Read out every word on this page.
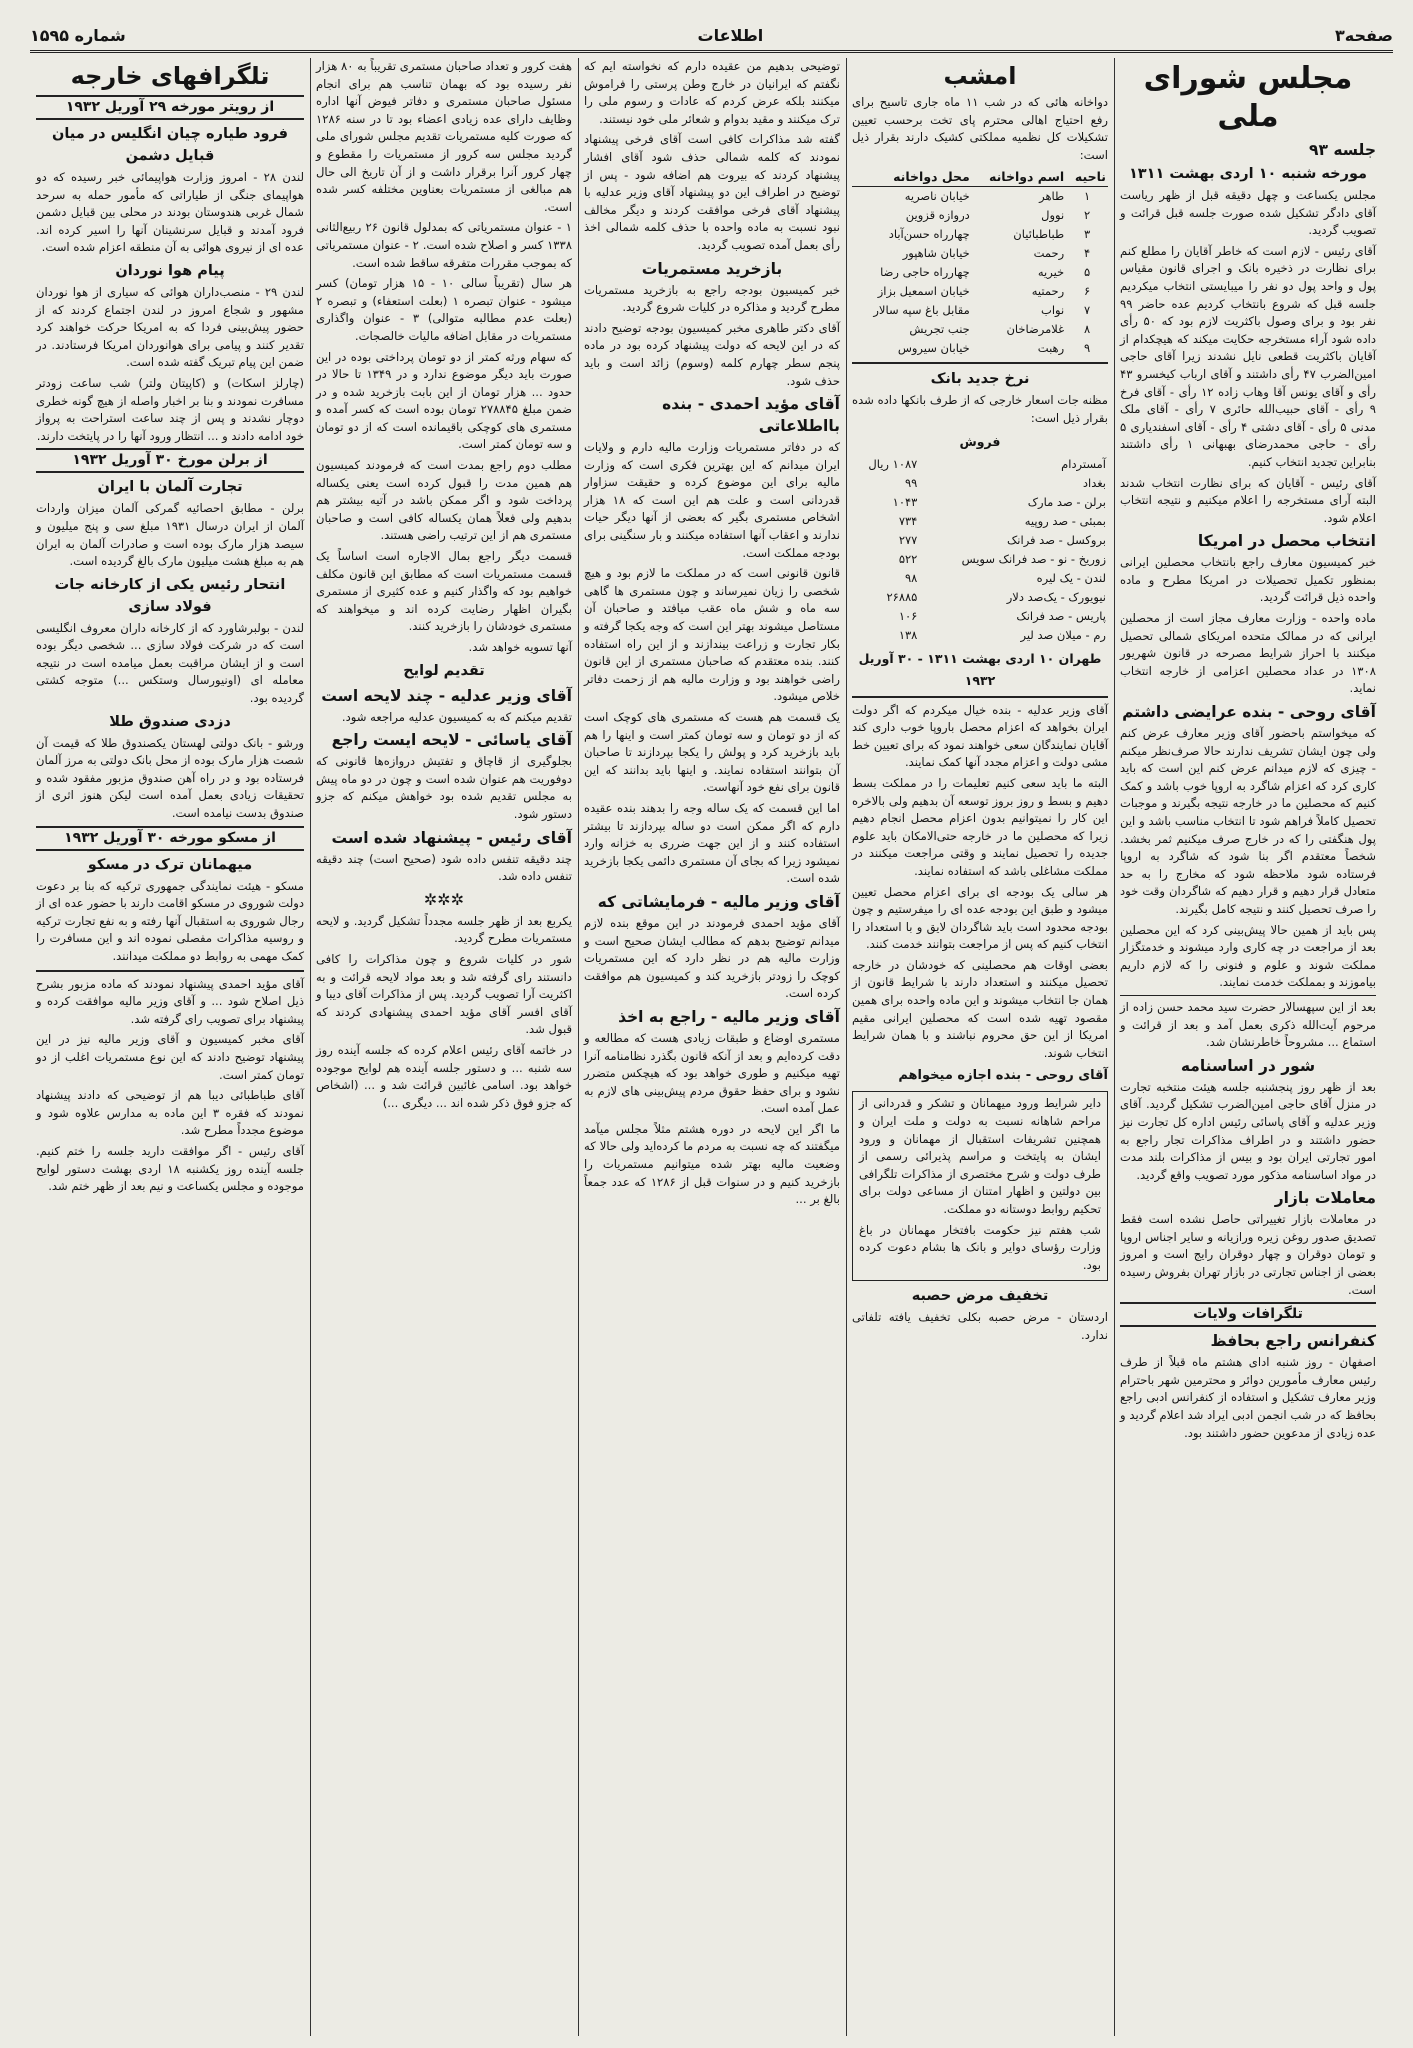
صفحه۳
اطلاعات
شماره ۱۵۹۵
مجلس شورای ملی
جلسه ۹۳
مورخه شنبه ۱۰ اردی بهشت ۱۳۱۱

مجلس یکساعت و چهل دقیقه قبل از ظهر ریاست آقای دادگر تشکیل شده صورت جلسه قبل قرائت و تصویب گردید.

آقای رئیس - لازم است که خاطر آقایان را مطلع کنم برای نظارت در ذخیره بانک و اجرای قانون مقیاس پول و واحد پول دو نفر را میبایستی انتخاب میکردیم جلسه قبل که شروع بانتخاب کردیم عده حاضر ۹۹ نفر بود و برای وصول باکثریت لازم بود که ۵۰ رأی داده شود آراء مستخرجه حکایت میکند که هیچکدام از آقایان باکثریت قطعی نایل نشدند زیرا آقای حاجی امین‌الضرب ۴۷ رأی داشتند و آقای ارباب کیخسرو ۴۳ رأی و آقای یونس آقا وهاب زاده ۱۲ رأی - آقای فرخ ۹ رأی - آقای حبیب‌الله حائری ۷ رأی - آقای ملک مدنی ۵ رأی - آقای دشتی ۴ رأی - آقای اسفندیاری ۵ رأی - حاجی محمدرضای بهبهانی ۱ رأی داشتند بنابراین تجدید انتخاب کنیم.

آقای رئیس - آقایان که برای نظارت انتخاب شدند البته آرای مستخرجه را اعلام میکنیم و نتیجه انتخاب اعلام شود.

انتخاب محصل در امریکا

خبر کمیسیون معارف راجع بانتخاب محصلین ایرانی بمنظور تکمیل تحصیلات در امریکا مطرح و ماده واحده ذیل قرائت گردید.

ماده واحده - وزارت معارف مجاز است از محصلین ایرانی که در ممالک متحده امریکای شمالی تحصیل میکنند با احراز شرایط مصرحه در قانون شهریور ۱۳۰۸ در عداد محصلین اعزامی از خارجه انتخاب نماید.

آقای روحی - بنده عرایضی داشتم

که میخواستم باحضور آقای وزیر معارف عرض کنم ولی چون ایشان تشریف ندارند حالا صرف‌نظر میکنم - چیزی که لازم میدانم عرض کنم این است که باید کاری کرد که اعزام شاگرد به اروپا خوب باشد و کمک کنیم که محصلین ما در خارجه نتیجه بگیرند و موجبات تحصیل کاملاً فراهم شود تا انتخاب مناسب باشد و این پول هنگفتی را که در خارج صرف میکنیم ثمر بخشد. شخصاً معتقدم اگر بنا شود که شاگرد به اروپا فرستاده شود ملاحظه شود که مخارج را به حد متعادل قرار دهیم و قرار دهیم که شاگردان وقت خود را صرف تحصیل کنند و نتیجه کامل بگیرند.

پس باید از همین حالا پیش‌بینی کرد که این محصلین بعد از مراجعت در چه کاری وارد میشوند و خدمتگزار مملکت شوند و علوم و فنونی را که لازم داریم بیاموزند و بمملکت خدمت نمایند.

بعد از این سپهسالار حضرت سید محمد حسن زاده از مرحوم آیت‌الله ذکری بعمل آمد و بعد از قرائت و استماع ... مشروحاً خاطرنشان شد.

شور در اساسنامه

بعد از ظهر روز پنجشنبه جلسه هیئت منتخبه تجارت در منزل آقای حاجی امین‌الضرب تشکیل گردید. آقای وزیر عدلیه و آقای پاسائی رئیس اداره کل تجارت نیز حضور داشتند و در اطراف مذاکرات تجار راجع به امور تجارتی ایران بود و بیس از مذاکرات بلند مدت در مواد اساسنامه مذکور مورد تصویب واقع گردید.

معاملات بازار

در معاملات بازار تغییراتی حاصل نشده است فقط تصدیق صدور روغن زیره ورازیانه و سایر اجناس اروپا و تومان دوقران و چهار دوقران رایج است و امروز بعضی از اجناس تجارتی در بازار تهران بفروش رسیده است.

تلگرافات ولایات
کنفرانس راجع بحافظ

اصفهان - روز شنبه ادای هشتم ماه قبلاً از طرف رئیس معارف مأمورین دوائر و محترمین شهر باحترام وزیر معارف تشکیل و استفاده از کنفرانس ادبی راجع بحافظ که در شب انجمن ادبی ایراد شد اعلام گردید و عده زیادی از مدعوین حضور داشتند بود.

امشب

دواخانه هائی که در شب ۱۱ ماه جاری تاسیح برای رفع احتیاج اهالی محترم پای تخت برحسب تعیین تشکیلات کل نظمیه مملکتی کشیک دارند بقرار ذیل است:

ناحیه	اسم دواخانه	محل دواخانه
۱	طاهر	خیابان ناصریه
۲	نوول	دروازه قزوین
۳	طباطبائیان	چهارراه حسن‌آباد
۴	رحمت	خیابان شاهپور
۵	خیریه	چهارراه حاجی رضا
۶	رحمتیه	خیابان اسمعیل بزاز
۷	نواب	مقابل باغ سپه سالار
۸	غلامرضاخان	جنب تجریش
۹	رهبت	خیابان سیروس
نرخ جدید بانک

مظنه جات اسعار خارجی که از طرف بانکها داده شده بقرار ذیل است:

فروش
آمستردام	۱۰۸۷ ریال
بغداد	۹۹
برلن - صد مارک	۱۰۴۳
بمبئی - صد روپیه	۷۳۴
بروکسل - صد فرانک	۲۷۷
زوریخ - نو - صد فرانک سویس	۵۲۲
لندن - یک لیره	۹۸
نیویورک - یک‌صد دلار	۲۶۸۸۵
پاریس - صد فرانک	۱۰۶
رم - میلان صد لیر	۱۳۸
طهران ۱۰ اردی بهشت ۱۳۱۱ - ۳۰ آوریل ۱۹۳۲

آقای وزیر عدلیه - بنده خیال میکردم که اگر دولت ایران بخواهد که اعزام محصل باروپا خوب داری کند آقایان نمایندگان سعی خواهند نمود که برای تعیین خط مشی دولت و اعزام مجدد آنها کمک نمایند.

البته ما باید سعی کنیم تعلیمات را در مملکت بسط دهیم و بسط و روز بروز توسعه آن بدهیم ولی بالاخره این کار را نمیتوانیم بدون اعزام محصل انجام دهیم زیرا که محصلین ما در خارجه حتی‌الامکان باید علوم جدیده را تحصیل نمایند و وقتی مراجعت میکنند در مملکت مشاغلی باشد که استفاده نمایند.

هر سالی یک بودجه ای برای اعزام محصل تعیین میشود و طبق این بودجه عده ای را میفرستیم و چون بودجه محدود است باید شاگردان لایق و با استعداد را انتخاب کنیم که پس از مراجعت بتوانند خدمت کنند.

بعضی اوقات هم محصلینی که خودشان در خارجه تحصیل میکنند و استعداد دارند با شرایط قانون از همان جا انتخاب میشوند و این ماده واحده برای همین مقصود تهیه شده است که محصلین ایرانی مقیم امریکا از این حق محروم نباشند و با همان شرایط انتخاب شوند.

آقای روحی - بنده اجازه میخواهم

دایر شرایط ورود میهمانان و تشکر و قدردانی از مراحم شاهانه نسبت به دولت و ملت ایران و همچنین تشریفات استقبال از مهمانان و ورود ایشان به پایتخت و مراسم پذیرائی رسمی از طرف دولت و شرح مختصری از مذاکرات تلگرافی بین دولتین و اظهار امتنان از مساعی دولت برای تحکیم روابط دوستانه دو مملکت.

شب هفتم نیز حکومت بافتخار مهمانان در باغ وزارت رؤسای دوایر و بانک ها بشام دعوت کرده بود.

تخفیف مرض حصبه

اردستان - مرض حصبه بکلی تخفیف یافته تلفاتی ندارد.

توضیحی بدهیم من عقیده دارم که نخواسته ایم که نگفتم که ایرانیان در خارج وطن پرستی را فراموش میکنند بلکه عرض کردم که عادات و رسوم ملی را ترک میکنند و مقید بدوام و شعائر ملی خود نیستند.

گفته شد مذاکرات کافی است آقای فرخی پیشنهاد نمودند که کلمه شمالی حذف شود آقای افشار پیشنهاد کردند که بیروت هم اضافه شود - پس از توضیح در اطراف این دو پیشنهاد آقای وزیر عدلیه با پیشنهاد آقای فرخی موافقت کردند و دیگر مخالف نبود نسبت به ماده واحده با حذف کلمه شمالی اخذ رأی بعمل آمده تصویب گردید.

بازخرید مستمریات

خبر کمیسیون بودجه راجع به بازخرید مستمریات مطرح گردید و مذاکره در کلیات شروع گردید.

آقای دکتر طاهری مخبر کمیسیون بودجه توضیح دادند که در این لایحه که دولت پیشنهاد کرده بود در ماده پنجم سطر چهارم کلمه (وسوم) زائد است و باید حذف شود.

آقای مؤید احمدی - بنده بااطلاعاتی

که در دفاتر مستمریات وزارت مالیه دارم و ولایات ایران میدانم که این بهترین فکری است که وزارت مالیه برای این موضوع کرده و حقیقت سزاوار قدردانی است و علت هم این است که ۱۸ هزار اشخاص مستمری بگیر که بعضی از آنها دیگر حیات ندارند و اعقاب آنها استفاده میکنند و بار سنگینی برای بودجه مملکت است.

قانون قانونی است که در مملکت ما لازم بود و هیچ شخصی را زیان نمیرساند و چون مستمری ها گاهی سه ماه و شش ماه عقب میافتد و صاحبان آن مستاصل میشوند بهتر این است که وجه یکجا گرفته و بکار تجارت و زراعت بیندازند و از این راه استفاده کنند. بنده معتقدم که صاحبان مستمری از این قانون راضی خواهند بود و وزارت مالیه هم از زحمت دفاتر خلاص میشود.

یک قسمت هم هست که مستمری های کوچک است که از دو تومان و سه تومان کمتر است و اینها را هم باید بازخرید کرد و پولش را یکجا بپردازند تا صاحبان آن بتوانند استفاده نمایند. و اینها باید بدانند که این قانون برای نفع خود آنهاست.

اما این قسمت که یک ساله وجه را بدهند بنده عقیده دارم که اگر ممکن است دو ساله بپردازند تا بیشتر استفاده کنند و از این جهت ضرری به خزانه وارد نمیشود زیرا که بجای آن مستمری دائمی یکجا بازخرید شده است.

آقای وزیر مالیه - فرمایشاتی که

آقای مؤید احمدی فرمودند در این موقع بنده لازم میدانم توضیح بدهم که مطالب ایشان صحیح است و وزارت مالیه هم در نظر دارد که این مستمریات کوچک را زودتر بازخرید کند و کمیسیون هم موافقت کرده است.

آقای وزیر مالیه - راجع به اخذ

مستمری اوضاع و طبقات زیادی هست که مطالعه و دقت کرده‌ایم و بعد از آنکه قانون بگذرد نظامنامه آنرا تهیه میکنیم و طوری خواهد بود که هیچکس متضرر نشود و برای حفظ حقوق مردم پیش‌بینی های لازم به عمل آمده است.

ما اگر این لایحه در دوره هشتم مثلاً مجلس میآمد میگفتند که چه نسبت به مردم ما کرده‌اید ولی حالا که وضعیت مالیه بهتر شده میتوانیم مستمریات را بازخرید کنیم و در سنوات قبل از ۱۲۸۶ که عدد جمعاً بالغ بر ...

هفت کرور و تعداد صاحبان مستمری تقریباً به ۸۰ هزار نفر رسیده بود که بهمان تناسب هم برای انجام مسئول صاحبان مستمری و دفاتر فیوض آنها اداره وظایف دارای عده زیادی اعضاء بود تا در سنه ۱۲۸۶ که صورت کلیه مستمریات تقدیم مجلس شورای ملی گردید مجلس سه کرور از مستمریات را مقطوع و چهار کرور آنرا برقرار داشت و از آن تاریخ الی حال هم مبالغی از مستمریات بعناوین مختلفه کسر شده است.

۱ - عنوان مستمریاتی که بمدلول قانون ۲۶ ربیع‌الثانی ۱۳۳۸ کسر و اصلاح شده است. ۲ - عنوان مستمریاتی که بموجب مقررات متفرقه ساقط شده است.

هر سال (تقریباً سالی ۱۰ - ۱۵ هزار تومان) کسر میشود - عنوان تبصره ۱ (بعلت استعفاء) و تبصره ۲ (بعلت عدم مطالبه متوالی) ۳ - عنوان واگذاری مستمریات در مقابل اضافه مالیات خالصجات.

که سهام ورثه کمتر از دو تومان پرداختی بوده در این صورت باید دیگر موضوع ندارد و در ۱۳۴۹ تا حالا در حدود ... هزار تومان از این بابت بازخرید شده و در ضمن مبلغ ۲۷۸۸۴۵ تومان بوده است که کسر آمده و مستمری های کوچکی باقیمانده است که از دو تومان و سه تومان کمتر است.

مطلب دوم راجع بمدت است که فرمودند کمیسیون هم همین مدت را قبول کرده است یعنی یکساله پرداخت شود و اگر ممکن باشد در آتیه بیشتر هم بدهیم ولی فعلاً همان یکساله کافی است و صاحبان مستمری هم از این ترتیب راضی هستند.

قسمت دیگر راجع بمال الاجاره است اساساً یک قسمت مستمریات است که مطابق این قانون مکلف خواهیم بود که واگذار کنیم و عده کثیری از مستمری بگیران اظهار رضایت کرده اند و میخواهند که مستمری خودشان را بازخرید کنند.

آنها تسویه خواهد شد.

تقدیم لوایح
آقای وزیر عدلیه - چند لایحه است

تقدیم میکنم که به کمیسیون عدلیه مراجعه شود.

آقای یاسائی - لایحه ایست راجع

بجلوگیری از قاچاق و تفتیش دروازه‌ها قانونی که دوفوریت هم عنوان شده است و چون در دو ماه پیش به مجلس تقدیم شده بود خواهش میکنم که جزو دستور شود.

آقای رئیس - پیشنهاد شده است

چند دقیقه تنفس داده شود (صحیح است) چند دقیقه تنفس داده شد.

✲✲✲

یکربع بعد از ظهر جلسه مجدداً تشکیل گردید. و لایحه مستمریات مطرح گردید.

شور در کلیات شروع و چون مذاکرات را کافی دانستند رای گرفته شد و بعد مواد لایحه قرائت و به اکثریت آرا تصویب گردید. پس از مذاکرات آقای دیبا و آقای افسر آقای مؤید احمدی پیشنهادی کردند که قبول شد.

در خاتمه آقای رئیس اعلام کرده که جلسه آینده روز سه شنبه ... و دستور جلسه آینده هم لوایح موجوده خواهد بود. اسامی غائبین قرائت شد و ... (اشخاص که جزو فوق ذکر شده اند ... دیگری ...)

تلگرافهای خارجه
از رویتر مورخه ۲۹ آوریل ۱۹۳۲
فرود طیاره چیان انگلیس در میان قبایل دشمن

لندن ۲۸ - امروز وزارت هواپیمائی خبر رسیده که دو هواپیمای جنگی از طیاراتی که مأمور حمله به سرحد شمال غربی هندوستان بودند در محلی بین قبایل دشمن فرود آمدند و قبایل سرنشینان آنها را اسیر کرده اند. عده ای از نیروی هوائی به آن منطقه اعزام شده است.

پیام هوا نوردان

لندن ۲۹ - منصب‌داران هوائی که سیاری از هوا نوردان مشهور و شجاع امروز در لندن اجتماع کردند که از حضور پیش‌بینی فردا که به امریکا حرکت خواهند کرد تقدیر کنند و پیامی برای هوانوردان امریکا فرستادند. در ضمن این پیام تبریک گفته شده است.

(چارلز اسکات) و (کاپیتان ولتر) شب ساعت زودتر مسافرت نمودند و بنا بر اخبار واصله از هیچ گونه خطری دوچار نشدند و پس از چند ساعت استراحت به پرواز خود ادامه دادند و ... انتظار ورود آنها را در پایتخت دارند.

از برلن مورخ ۳۰ آوریل ۱۹۳۲
تجارت آلمان با ایران

برلن - مطابق احصائیه گمرکی آلمان میزان واردات آلمان از ایران درسال ۱۹۳۱ مبلغ سی و پنج میلیون و سیصد هزار مارک بوده است و صادرات آلمان به ایران هم به مبلغ هشت میلیون مارک بالغ گردیده است.

انتحار رئیس یکی از کارخانه جات فولاد سازی

لندن - بولبرشاورد که از کارخانه داران معروف انگلیسی است که در شرکت فولاد سازی ... شخصی دیگر بوده است و از ایشان مراقبت بعمل میامده است در نتیجه معامله ای (اونیورسال وستکس ...) متوجه کشتی گردیده بود.

دزدی صندوق طلا

ورشو - بانک دولتی لهستان یکصندوق طلا که قیمت آن شصت هزار مارک بوده از محل بانک دولتی به مرز آلمان فرستاده بود و در راه آهن صندوق مزبور مفقود شده و تحقیقات زیادی بعمل آمده است لیکن هنوز اثری از صندوق بدست نیامده است.

از مسکو مورخه ۳۰ آوریل ۱۹۳۲
میهمانان ترک در مسکو

مسکو - هیئت نمایندگی جمهوری ترکیه که بنا بر دعوت دولت شوروی در مسکو اقامت دارند با حضور عده ای از رجال شوروی به استقبال آنها رفته و به نفع تجارت ترکیه و روسیه مذاکرات مفصلی نموده اند و این مسافرت را کمک مهمی به روابط دو مملکت میدانند.

آقای مؤید احمدی پیشنهاد نمودند که ماده مزبور بشرح ذیل اصلاح شود ... و آقای وزیر مالیه موافقت کرده و پیشنهاد برای تصویب رای گرفته شد.

آقای مخبر کمیسیون و آقای وزیر مالیه نیز در این پیشنهاد توضیح دادند که این نوع مستمریات اغلب از دو تومان کمتر است.

آقای طباطبائی دیبا هم از توضیحی که دادند پیشنهاد نمودند که فقره ۳ این ماده به مدارس علاوه شود و موضوع مجدداً مطرح شد.

آقای رئیس - اگر موافقت دارید جلسه را ختم کنیم. جلسه آینده روز یکشنبه ۱۸ اردی بهشت دستور لوایح موجوده و مجلس یکساعت و نیم بعد از ظهر ختم شد.
